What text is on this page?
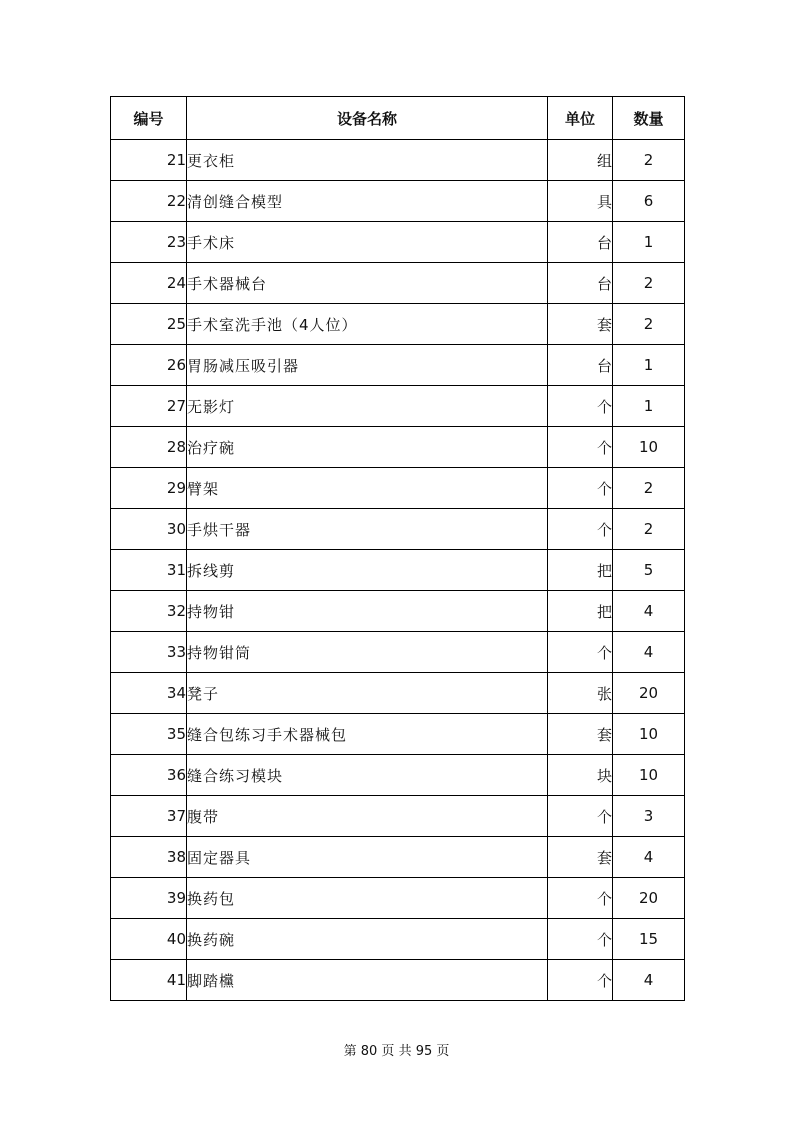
编号	设备名称	单位	数量
21	更衣柜	组	2
22	清创缝合模型	具	6
23	手术床	台	1
24	手术器械台	台	2
25	手术室洗手池（4人位）	套	2
26	胃肠减压吸引器	台	1
27	无影灯	个	1
28	治疗碗	个	10
29	臂架	个	2
30	手烘干器	个	2
31	拆线剪	把	5
32	持物钳	把	4
33	持物钳筒	个	4
34	凳子	张	20
35	缝合包练习手术器械包	套	10
36	缝合练习模块	块	10
37	腹带	个	3
38	固定器具	套	4
39	换药包	个	20
40	换药碗	个	15
41	脚踏欓	个	4
第 80 页 共 95 页
